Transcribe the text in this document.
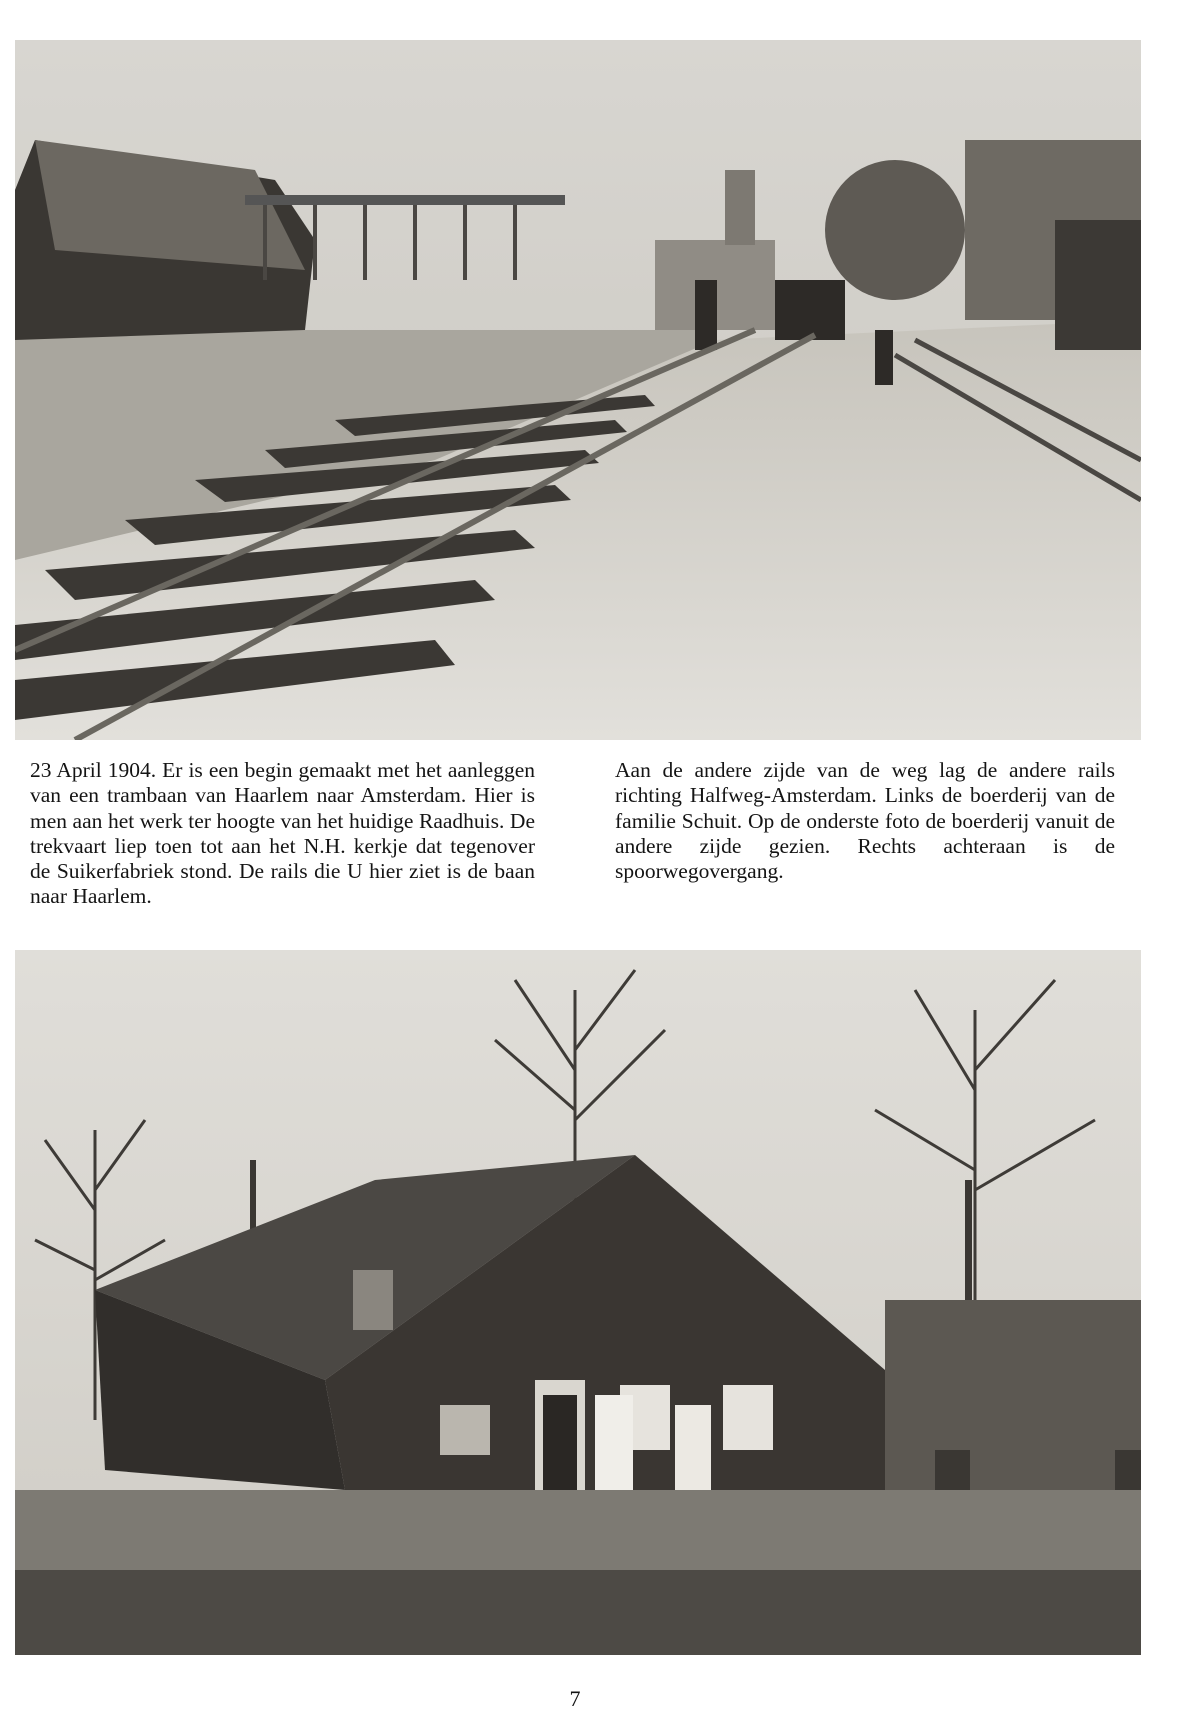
23 April 1904. Er is een begin gemaakt met het aanleggen van een trambaan van Haarlem naar Amsterdam. Hier is men aan het werk ter hoogte van het huidige Raadhuis. De trekvaart liep toen tot aan het N.H. kerkje dat tegenover de Suikerfabriek stond. De rails die U hier ziet is de baan naar Haarlem.

Aan de andere zijde van de weg lag de andere rails richting Halfweg-Amsterdam. Links de boerderij van de familie Schuit. Op de onderste foto de boerderij vanuit de andere zijde gezien. Rechts achteraan is de spoorwegovergang.

7
